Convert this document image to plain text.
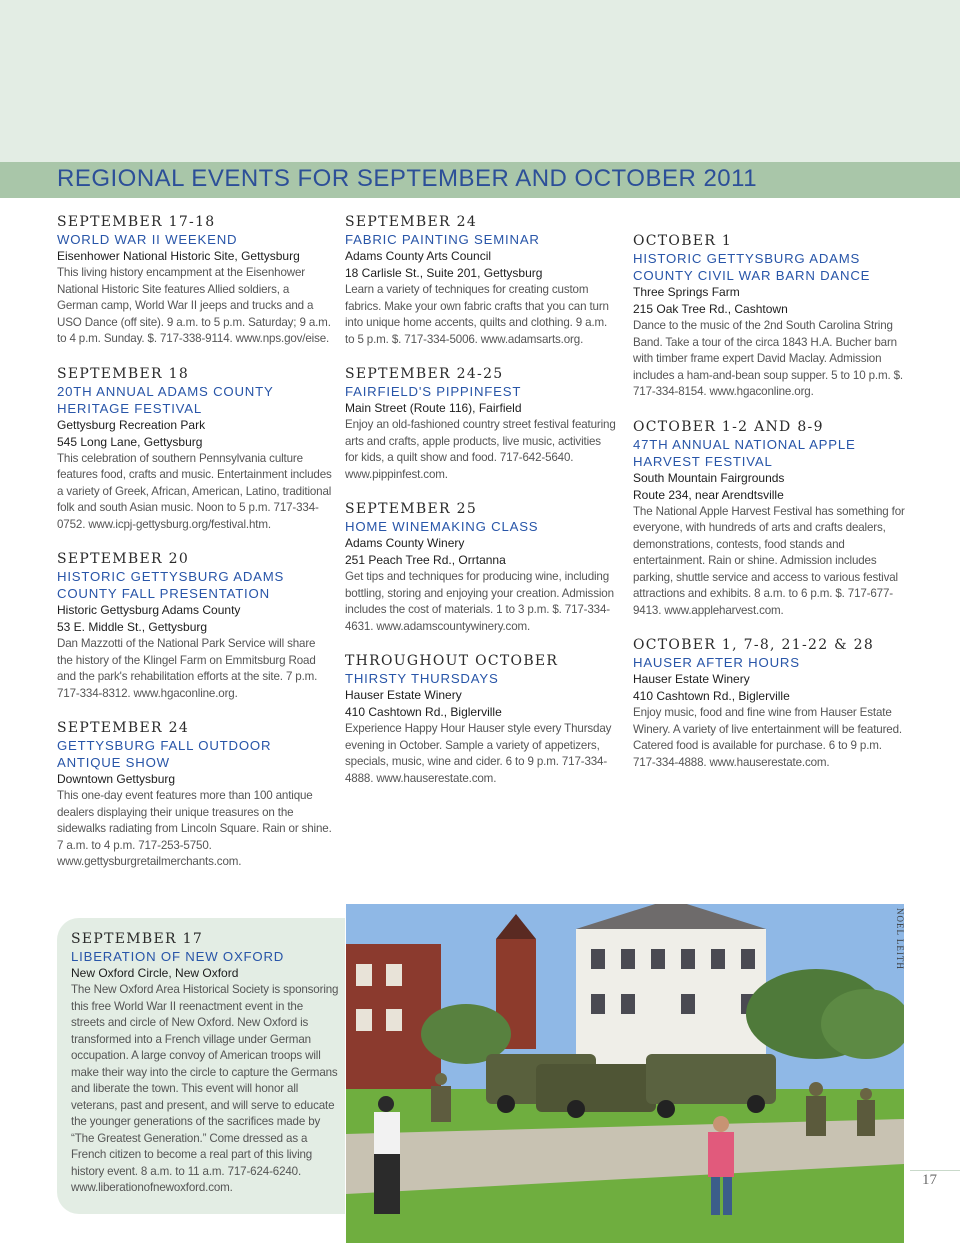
REGIONAL EVENTS FOR SEPTEMBER AND OCTOBER 2011
SEPTEMBER 17-18
WORLD WAR II WEEKEND
Eisenhower National Historic Site, Gettysburg
This living history encampment at the Eisenhower National Historic Site features Allied soldiers, a German camp, World War II jeeps and trucks and a USO Dance (off site). 9 a.m. to 5 p.m. Saturday; 9 a.m. to 4 p.m. Sunday. $. 717-338-9114. www.nps.gov/eise.
SEPTEMBER 18
20TH ANNUAL ADAMS COUNTY HERITAGE FESTIVAL
Gettysburg Recreation Park
545 Long Lane, Gettysburg
This celebration of southern Pennsylvania culture features food, crafts and music. Entertainment includes a variety of Greek, African, American, Latino, traditional folk and south Asian music. Noon to 5 p.m. 717-334-0752. www.icpj-gettysburg.org/festival.htm.
SEPTEMBER 20
HISTORIC GETTYSBURG ADAMS COUNTY FALL PRESENTATION
Historic Gettysburg Adams County
53 E. Middle St., Gettysburg
Dan Mazzotti of the National Park Service will share the history of the Klingel Farm on Emmitsburg Road and the park's rehabilitation efforts at the site. 7 p.m. 717-334-8312. www.hgaconline.org.
SEPTEMBER 24
GETTYSBURG FALL OUTDOOR ANTIQUE SHOW
Downtown Gettysburg
This one-day event features more than 100 antique dealers displaying their unique treasures on the sidewalks radiating from Lincoln Square. Rain or shine. 7 a.m. to 4 p.m. 717-253-5750. www.gettysburgretailmerchants.com.
SEPTEMBER 24
FABRIC PAINTING SEMINAR
Adams County Arts Council
18 Carlisle St., Suite 201, Gettysburg
Learn a variety of techniques for creating custom fabrics. Make your own fabric crafts that you can turn into unique home accents, quilts and clothing. 9 a.m. to 5 p.m. $. 717-334-5006. www.adamsarts.org.
SEPTEMBER 24-25
FAIRFIELD'S PIPPINFEST
Main Street (Route 116), Fairfield
Enjoy an old-fashioned country street festival featuring arts and crafts, apple products, live music, activities for kids, a quilt show and food. 717-642-5640. www.pippinfest.com.
SEPTEMBER 25
HOME WINEMAKING CLASS
Adams County Winery
251 Peach Tree Rd., Orrtanna
Get tips and techniques for producing wine, including bottling, storing and enjoying your creation. Admission includes the cost of materials. 1 to 3 p.m. $. 717-334-4631. www.adamscountywinery.com.
THROUGHOUT OCTOBER
THIRSTY THURSDAYS
Hauser Estate Winery
410 Cashtown Rd., Biglerville
Experience Happy Hour Hauser style every Thursday evening in October. Sample a variety of appetizers, specials, music, wine and cider. 6 to 9 p.m. 717-334-4888. www.hauserestate.com.
OCTOBER 1
HISTORIC GETTYSBURG ADAMS COUNTY CIVIL WAR BARN DANCE
Three Springs Farm
215 Oak Tree Rd., Cashtown
Dance to the music of the 2nd South Carolina String Band. Take a tour of the circa 1843 H.A. Bucher barn with timber frame expert David Maclay. Admission includes a ham-and-bean soup supper. 5 to 10 p.m. $. 717-334-8154. www.hgaconline.org.
OCTOBER 1-2 AND 8-9
47TH ANNUAL NATIONAL APPLE HARVEST FESTIVAL
South Mountain Fairgrounds
Route 234, near Arendtsville
The National Apple Harvest Festival has something for everyone, with hundreds of arts and crafts dealers, demonstrations, contests, food stands and entertainment. Rain or shine. Admission includes parking, shuttle service and access to various festival attractions and exhibits. 8 a.m. to 6 p.m. $. 717-677-9413. www.appleharvest.com.
OCTOBER 1, 7-8, 21-22 & 28
HAUSER AFTER HOURS
Hauser Estate Winery
410 Cashtown Rd., Biglerville
Enjoy music, food and fine wine from Hauser Estate Winery. A variety of live entertainment will be featured. Catered food is available for purchase. 6 to 9 p.m. 717-334-4888. www.hauserestate.com.
SEPTEMBER 17
LIBERATION OF NEW OXFORD
New Oxford Circle, New Oxford
The New Oxford Area Historical Society is sponsoring this free World War II reenactment event in the streets and circle of New Oxford. New Oxford is transformed into a French village under German occupation. A large convoy of American troops will make their way into the circle to capture the Germans and liberate the town. This event will honor all veterans, past and present, and will serve to educate the younger generations of the sacrifices made by “The Greatest Generation.” Come dressed as a French citizen to become a real part of this living history event. 8 a.m. to 11 a.m. 717-624-6240. www.liberationofnewoxford.com.
NOEL LEITH
17
